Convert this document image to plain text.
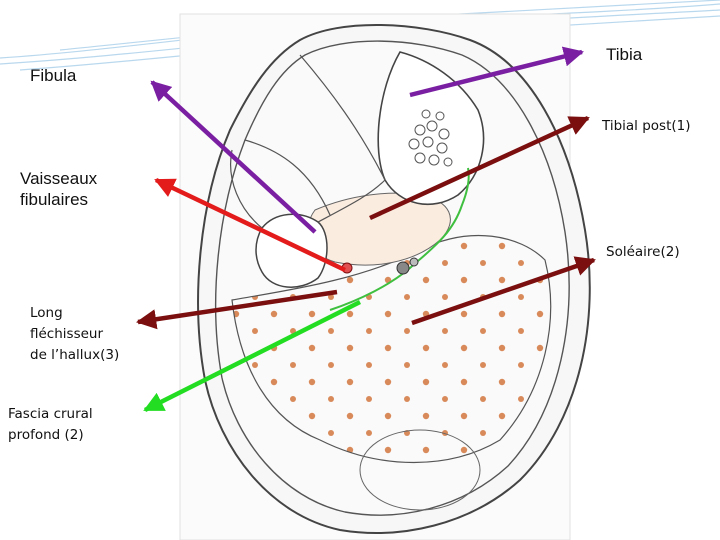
Fibula
Tibia
Tibial post(1)
Vaisseaux
fibulaires
Soléaire(2)
Long
fléchisseur
de l’hallux(3)
Fascia crural
profond (2)
